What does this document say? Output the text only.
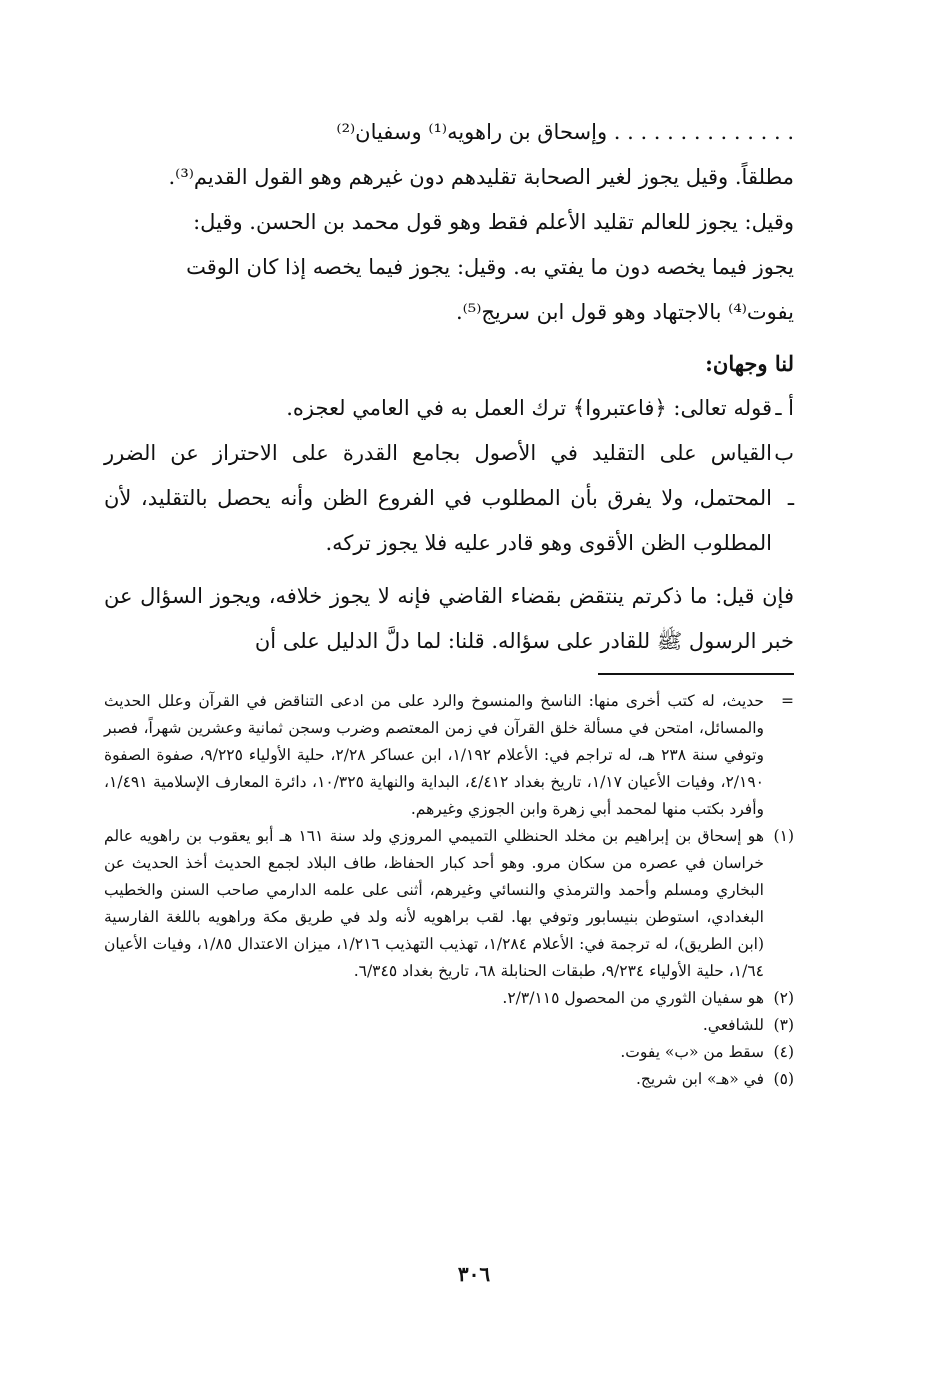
. . . . . . . . . . . . . . وإسحاق بن راهويه⁽¹⁾ وسفيان⁽²⁾

مطلقاً. وقيل يجوز لغير الصحابة تقليدهم دون غيرهم وهو القول القديم⁽³⁾.

وقيل: يجوز للعالم تقليد الأعلم فقط وهو قول محمد بن الحسن. وقيل:

يجوز فيما يخصه دون ما يفتي به. وقيل: يجوز فيما يخصه إذا كان الوقت

يفوت⁽⁴⁾ بالاجتهاد وهو قول ابن سريج⁽⁵⁾.

لنا وجهان:

أ ـ
قوله تعالى: ﴿فاعتبروا﴾ ترك العمل به في العامي لعجزه.
ب ـ
القياس على التقليد في الأصول بجامع القدرة على الاحتراز عن الضرر المحتمل، ولا يفرق بأن المطلوب في الفروع الظن وأنه يحصل بالتقليد، لأن المطلوب الظن الأقوى وهو قادر عليه فلا يجوز تركه.

فإن قيل: ما ذكرتم ينتقض بقضاء القاضي فإنه لا يجوز خلافه، ويجوز السؤال عن خبر الرسول ﷺ للقادر على سؤاله. قلنا: لما دلَّ الدليل على أن

=
حديث، له كتب أخرى منها: الناسخ والمنسوخ والرد على من ادعى التناقض في القرآن وعلل الحديث والمسائل، امتحن في مسألة خلق القرآن في زمن المعتصم وضرب وسجن ثمانية وعشرين شهراً، فصبر وتوفي سنة ٢٣٨ هـ، له تراجم في: الأعلام ١/١٩٢، ابن عساكر ٢/٢٨، حلية الأولياء ٩/٢٢٥، صفوة الصفوة ٢/١٩٠، وفيات الأعيان ١/١٧، تاريخ بغداد ٤/٤١٢، البداية والنهاية ١٠/٣٢٥، دائرة المعارف الإسلامية ١/٤٩١، وأفرد بكتب منها لمحمد أبي زهرة وابن الجوزي وغيرهم.
(١)
هو إسحاق بن إبراهيم بن مخلد الحنظلي التميمي المروزي ولد سنة ١٦١ هـ أبو يعقوب بن راهويه عالم خراسان في عصره من سكان مرو. وهو أحد كبار الحفاظ، طاف البلاد لجمع الحديث أخذ الحديث عن البخاري ومسلم وأحمد والترمذي والنسائي وغيرهم، أثنى على علمه الدارمي صاحب السنن والخطيب البغدادي، استوطن بنيسابور وتوفي بها. لقب براهويه لأنه ولد في طريق مكة وراهويه باللغة الفارسية (ابن الطريق)، له ترجمة في: الأعلام ١/٢٨٤، تهذيب التهذيب ١/٢١٦، ميزان الاعتدال ١/٨٥، وفيات الأعيان ١/٦٤، حلية الأولياء ٩/٢٣٤، طبقات الحنابلة ٦٨، تاريخ بغداد ٦/٣٤٥.
(٢)
هو سفيان الثوري من المحصول ٢/٣/١١٥.
(٣)
للشافعي.
(٤)
سقط من «ب» يفوت.
(٥)
في «هـ» ابن شريج.
٣٠٦
